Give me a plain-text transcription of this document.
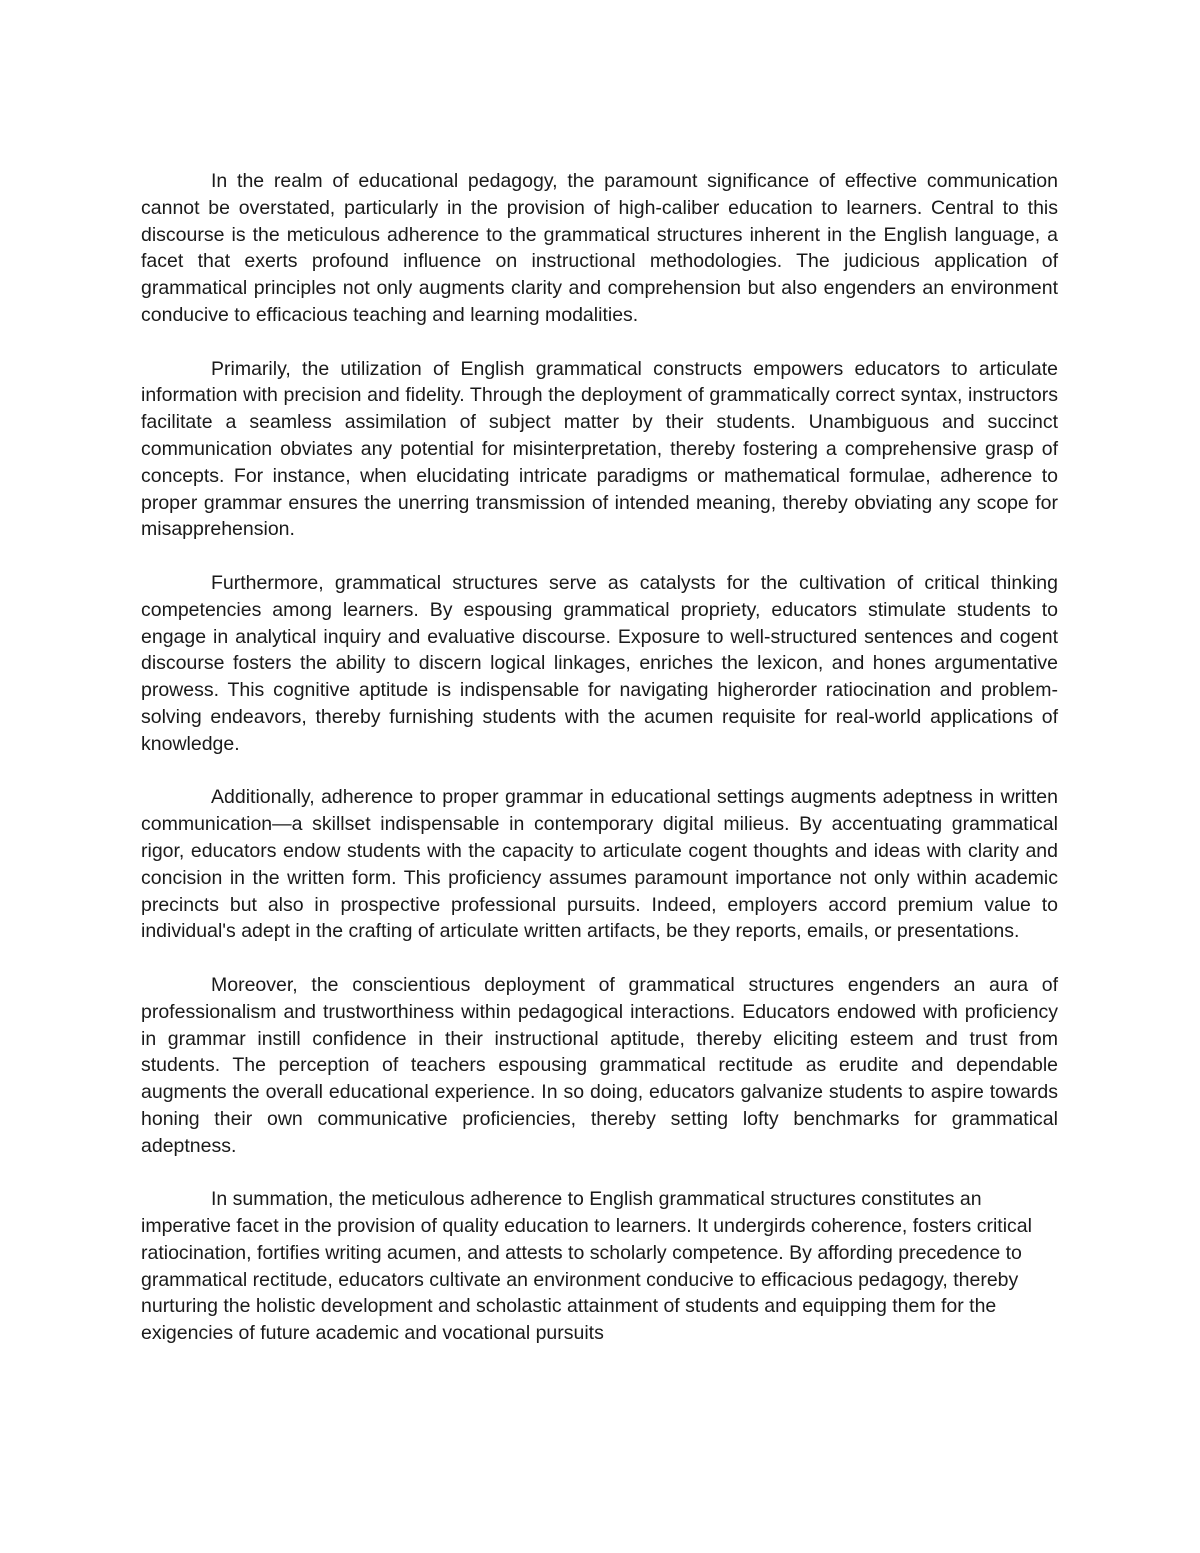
In the realm of educational pedagogy, the paramount significance of effective communication cannot be overstated, particularly in the provision of high-caliber education to learners. Central to this discourse is the meticulous adherence to the grammatical structures inherent in the English language, a facet that exerts profound influence on instructional methodologies. The judicious application of grammatical principles not only augments clarity and comprehension but also engenders an environment conducive to efficacious teaching and learning modalities.

Primarily, the utilization of English grammatical constructs empowers educators to articulate information with precision and fidelity. Through the deployment of grammatically correct syntax, instructors facilitate a seamless assimilation of subject matter by their students. Unambiguous and succinct communication obviates any potential for misinterpretation, thereby fostering a comprehensive grasp of concepts. For instance, when elucidating intricate paradigms or mathematical formulae, adherence to proper grammar ensures the unerring transmission of intended meaning, thereby obviating any scope for misapprehension.

Furthermore, grammatical structures serve as catalysts for the cultivation of critical thinking competencies among learners. By espousing grammatical propriety, educators stimulate students to engage in analytical inquiry and evaluative discourse. Exposure to well-structured sentences and cogent discourse fosters the ability to discern logical linkages, enriches the lexicon, and hones argumentative prowess. This cognitive aptitude is indispensable for navigating higherorder ratiocination and problem-solving endeavors, thereby furnishing students with the acumen requisite for real-world applications of knowledge.

Additionally, adherence to proper grammar in educational settings augments adeptness in written communication—a skillset indispensable in contemporary digital milieus. By accentuating grammatical rigor, educators endow students with the capacity to articulate cogent thoughts and ideas with clarity and concision in the written form. This proficiency assumes paramount importance not only within academic precincts but also in prospective professional pursuits. Indeed, employers accord premium value to individual's adept in the crafting of articulate written artifacts, be they reports, emails, or presentations.

Moreover, the conscientious deployment of grammatical structures engenders an aura of professionalism and trustworthiness within pedagogical interactions. Educators endowed with proficiency in grammar instill confidence in their instructional aptitude, thereby eliciting esteem and trust from students. The perception of teachers espousing grammatical rectitude as erudite and dependable augments the overall educational experience. In so doing, educators galvanize students to aspire towards honing their own communicative proficiencies, thereby setting lofty benchmarks for grammatical adeptness.

In summation, the meticulous adherence to English grammatical structures constitutes an imperative facet in the provision of quality education to learners. It undergirds coherence, fosters critical ratiocination, fortifies writing acumen, and attests to scholarly competence. By affording precedence to grammatical rectitude, educators cultivate an environment conducive to efficacious pedagogy, thereby nurturing the holistic development and scholastic attainment of students and equipping them for the exigencies of future academic and vocational pursuits
